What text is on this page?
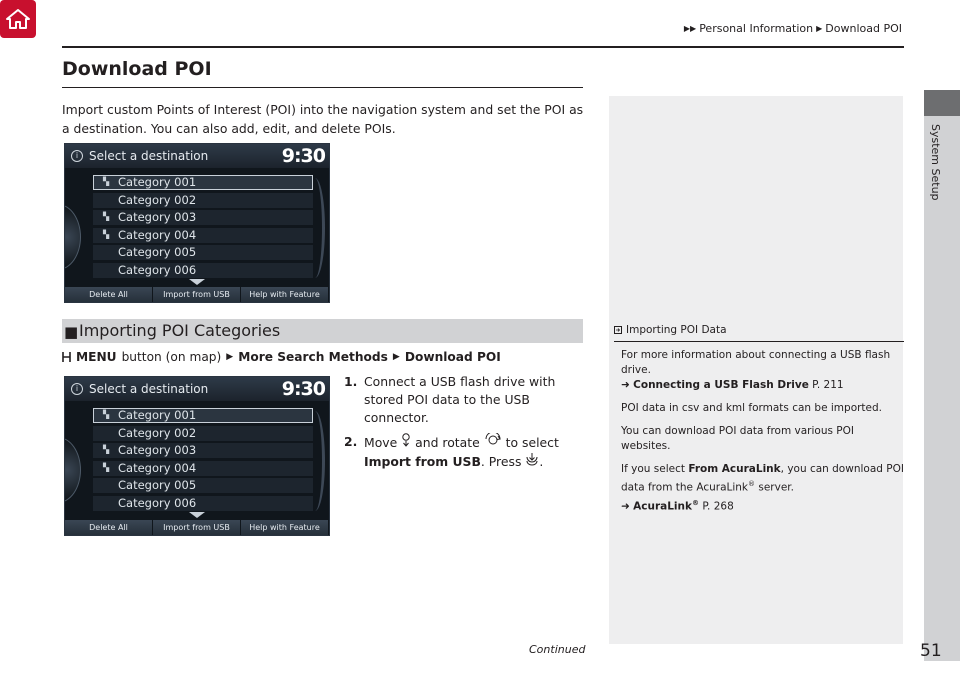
▶▶ Personal Information ▶ Download POI
System Setup
Download POI
Import custom Points of Interest (POI) into the navigation system and set the POI as a destination. You can also add, edit, and delete POIs.
i Select a destination	9:30
▚ Category 001
Category 002
▚ Category 003
▚ Category 004
Category 005
Category 006
Delete All	Import from USB	Help with Feature
■ Importing POI Categories
MENU button (on map) ▶ More Search Methods ▶ Download POI
i Select a destination	9:30
▚ Category 001
Category 002
▚ Category 003
▚ Category 004
Category 005
Category 006
Delete All	Import from USB	Help with Feature
1. Connect a USB flash drive with stored POI data to the USB connector.
2. Move and rotate to select Import from USB. Press .
Importing POI Data
For more information about connecting a USB flash drive.
➜ Connecting a USB Flash Drive P. 211
POI data in csv and kml formats can be imported.
You can download POI data from various POI websites.
If you select From AcuraLink, you can download POI data from the AcuraLink® server.
➜ AcuraLink® P. 268
Continued	51
